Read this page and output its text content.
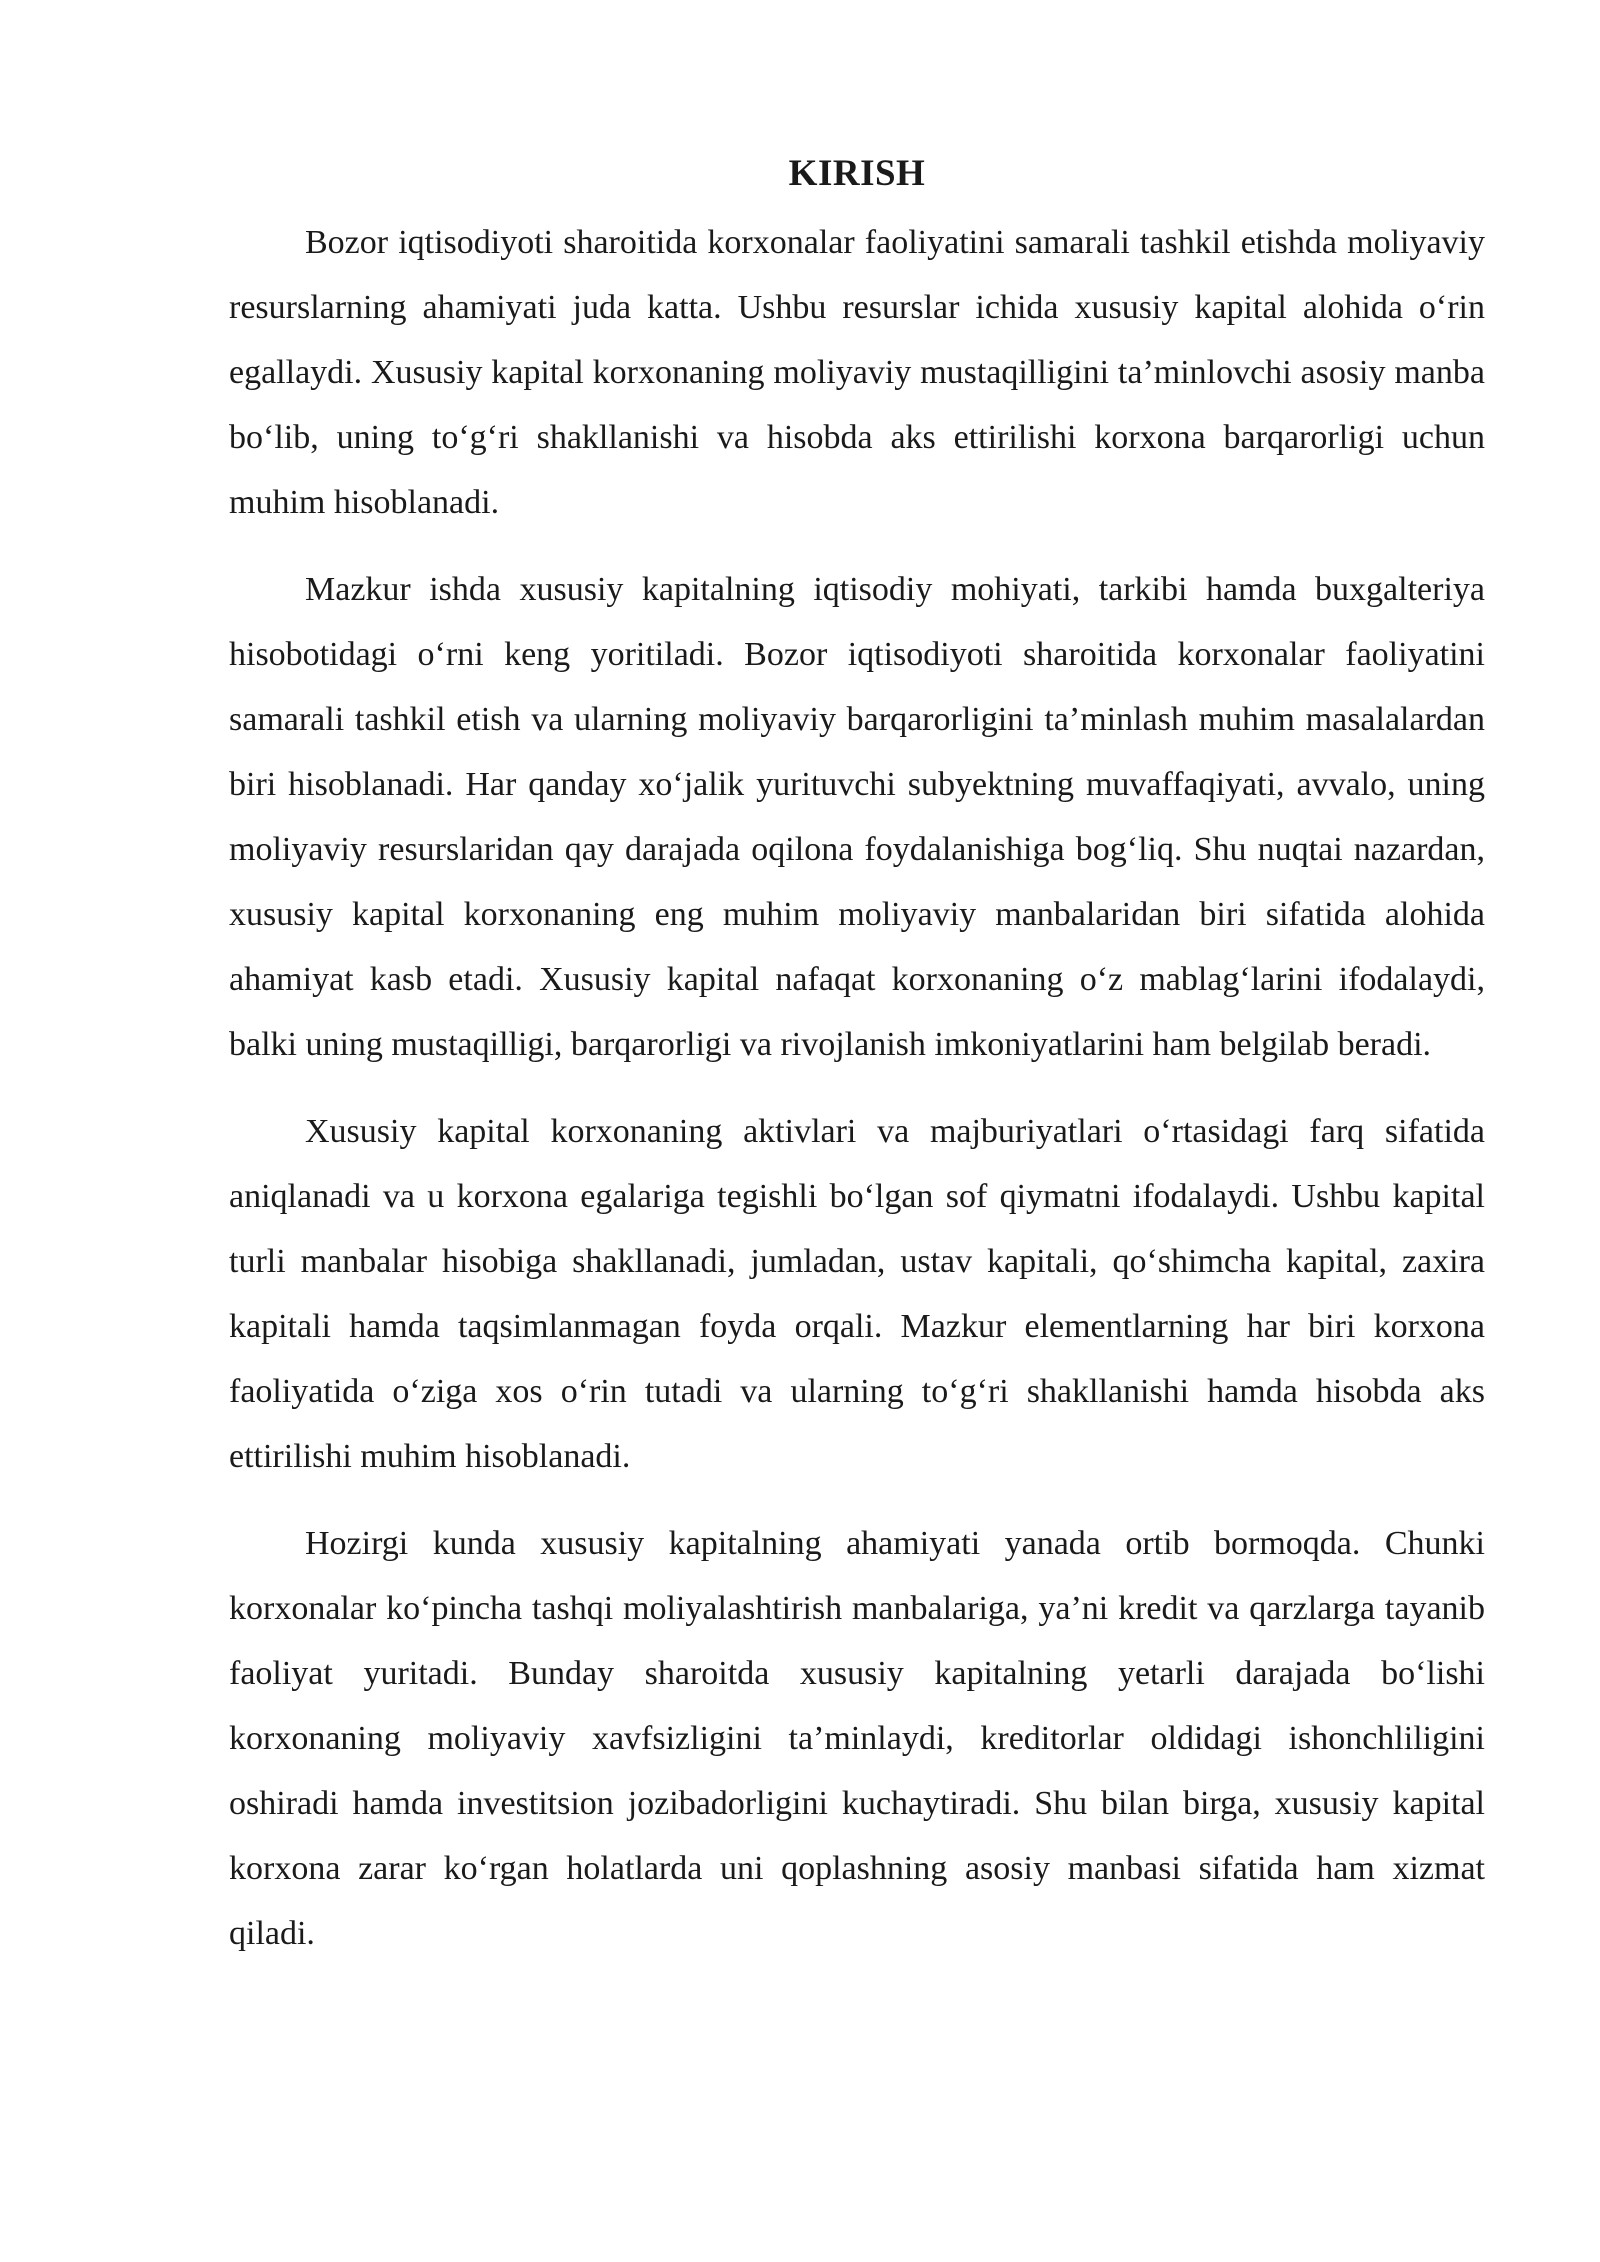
KIRISH

Bozor iqtisodiyoti sharoitida korxonalar faoliyatini samarali tashkil etishda moliyaviy resurslarning ahamiyati juda katta. Ushbu resurslar ichida xususiy kapital alohida o‘rin egallaydi. Xususiy kapital korxonaning moliyaviy mustaqilligini ta’minlovchi asosiy manba bo‘lib, uning to‘g‘ri shakllanishi va hisobda aks ettirilishi korxona barqarorligi uchun muhim hisoblanadi.

Mazkur ishda xususiy kapitalning iqtisodiy mohiyati, tarkibi hamda buxgalteriya hisobotidagi o‘rni keng yoritiladi. Bozor iqtisodiyoti sharoitida korxonalar faoliyatini samarali tashkil etish va ularning moliyaviy barqarorligini ta’minlash muhim masalalardan biri hisoblanadi. Har qanday xo‘jalik yurituvchi subyektning muvaffaqiyati, avvalo, uning moliyaviy resurslaridan qay darajada oqilona foydalanishiga bog‘liq. Shu nuqtai nazardan, xususiy kapital korxonaning eng muhim moliyaviy manbalaridan biri sifatida alohida ahamiyat kasb etadi. Xususiy kapital nafaqat korxonaning o‘z mablag‘larini ifodalaydi, balki uning mustaqilligi, barqarorligi va rivojlanish imkoniyatlarini ham belgilab beradi.

Xususiy kapital korxonaning aktivlari va majburiyatlari o‘rtasidagi farq sifatida aniqlanadi va u korxona egalariga tegishli bo‘lgan sof qiymatni ifodalaydi. Ushbu kapital turli manbalar hisobiga shakllanadi, jumladan, ustav kapitali, qo‘shimcha kapital, zaxira kapitali hamda taqsimlanmagan foyda orqali. Mazkur elementlarning har biri korxona faoliyatida o‘ziga xos o‘rin tutadi va ularning to‘g‘ri shakllanishi hamda hisobda aks ettirilishi muhim hisoblanadi.

Hozirgi kunda xususiy kapitalning ahamiyati yanada ortib bormoqda. Chunki korxonalar ko‘pincha tashqi moliyalashtirish manbalariga, ya’ni kredit va qarzlarga tayanib faoliyat yuritadi. Bunday sharoitda xususiy kapitalning yetarli darajada bo‘lishi korxonaning moliyaviy xavfsizligini ta’minlaydi, kreditorlar oldidagi ishonchliligini oshiradi hamda investitsion jozibadorligini kuchaytiradi. Shu bilan birga, xususiy kapital korxona zarar ko‘rgan holatlarda uni qoplashning asosiy manbasi sifatida ham xizmat qiladi.
